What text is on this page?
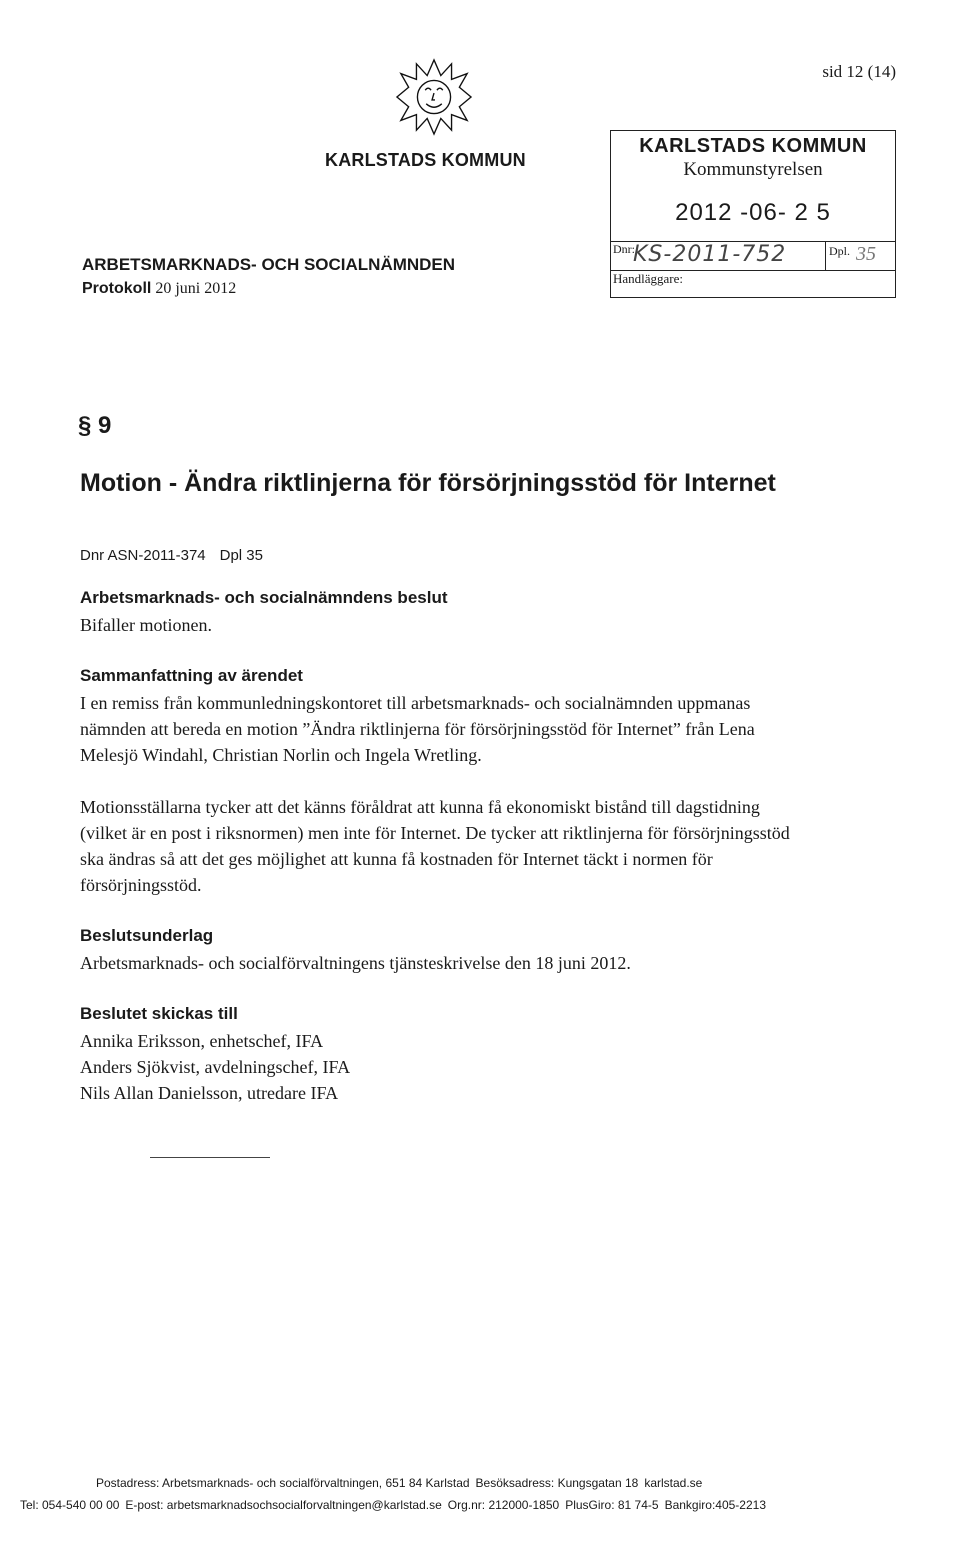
sid 12 (14)
KARLSTADS KOMMUN
KARLSTADS KOMMUN
Kommunstyrelsen
2012 -06- 2 5
Dnr:
KS-2011-752	Dpl. 35
Handläggare:
ARBETSMARKNADS- OCH SOCIALNÄMNDEN
Protokoll 20 juni 2012
§ 9
Motion - Ändra riktlinjerna för försörjningsstöd för Internet
Dnr ASN-2011-374 Dpl 35
Arbetsmarknads- och socialnämndens beslut
Bifaller motionen.
Sammanfattning av ärendet
I en remiss från kommunledningskontoret till arbetsmarknads- och socialnämnden uppmanas nämnden att bereda en motion ”Ändra riktlinjerna för försörjningsstöd för Internet” från Lena Melesjö Windahl, Christian Norlin och Ingela Wretling.
Motionsställarna tycker att det känns föråldrat att kunna få ekonomiskt bistånd till dagstidning (vilket är en post i riksnormen) men inte för Internet. De tycker att riktlinjerna för försörjningsstöd ska ändras så att det ges möjlighet att kunna få kostnaden för Internet täckt i normen för försörjningsstöd.
Beslutsunderlag
Arbetsmarknads- och socialförvaltningens tjänsteskrivelse den 18 juni 2012.
Beslutet skickas till
Annika Eriksson, enhetschef, IFA
Anders Sjökvist, avdelningschef, IFA
Nils Allan Danielsson, utredare IFA
Postadress: Arbetsmarknads- och socialförvaltningen, 651 84 Karlstad Besöksadress: Kungsgatan 18 karlstad.se
Tel: 054-540 00 00 E-post: arbetsmarknadsochsocialforvaltningen@karlstad.se Org.nr: 212000-1850 PlusGiro: 81 74-5 Bankgiro:405-2213
